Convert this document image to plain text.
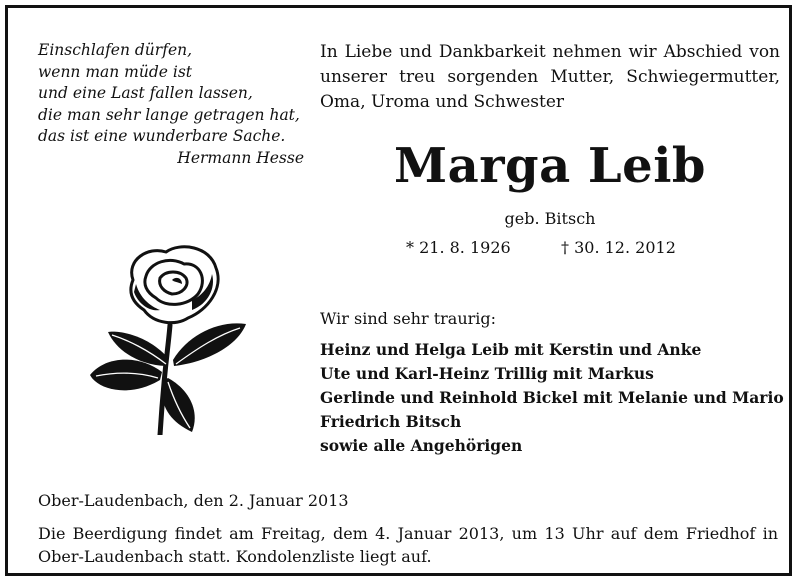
Einschlafen dürfen,
wenn man müde ist
und eine Last fallen lassen,
die man sehr lange getragen hat,
das ist eine wunderbare Sache.
Hermann Hesse
In Liebe und Dankbarkeit nehmen wir Abschied von unserer treu sorgenden Mutter, Schwiegermutter, Oma, Uroma und Schwester
Marga Leib
geb. Bitsch
* 21. 8. 1926	† 30. 12. 2012
Wir sind sehr traurig:
Heinz und Helga Leib mit Kerstin und Anke
Ute und Karl-Heinz Trillig mit Markus
Gerlinde und Reinhold Bickel mit Melanie und Mario
Friedrich Bitsch
sowie alle Angehörigen
Ober-Laudenbach, den 2. Januar 2013
Die Beerdigung findet am Freitag, dem 4. Januar 2013, um 13 Uhr auf dem Friedhof in Ober-Laudenbach statt. Kondolenzliste liegt auf.
